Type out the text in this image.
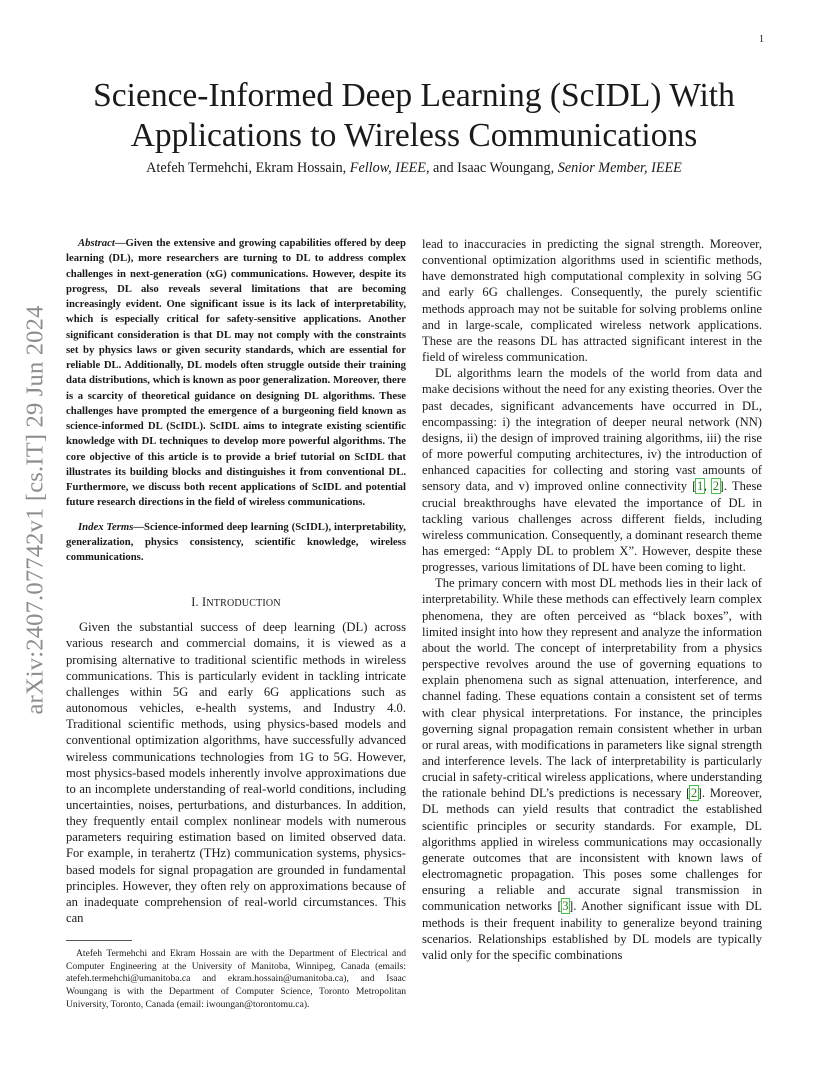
1
arXiv:2407.07742v1 [cs.IT] 29 Jun 2024
Science-Informed Deep Learning (ScIDL) With
Applications to Wireless Communications
Atefeh Termehchi, Ekram Hossain, Fellow, IEEE, and Isaac Woungang, Senior Member, IEEE

Abstract—Given the extensive and growing capabilities offered by deep learning (DL), more researchers are turning to DL to address complex challenges in next-generation (xG) communications. However, despite its progress, DL also reveals several limitations that are becoming increasingly evident. One significant issue is its lack of interpretability, which is especially critical for safety-sensitive applications. Another significant consideration is that DL may not comply with the constraints set by physics laws or given security standards, which are essential for reliable DL. Additionally, DL models often struggle outside their training data distributions, which is known as poor generalization. Moreover, there is a scarcity of theoretical guidance on designing DL algorithms. These challenges have prompted the emergence of a burgeoning field known as science-informed DL (ScIDL). ScIDL aims to integrate existing scientific knowledge with DL techniques to develop more powerful algorithms. The core objective of this article is to provide a brief tutorial on ScIDL that illustrates its building blocks and distinguishes it from conventional DL. Furthermore, we discuss both recent applications of ScIDL and potential future research directions in the field of wireless communications.

Index Terms—Science-informed deep learning (ScIDL), interpretability, generalization, physics consistency, scientific knowledge, wireless communications.

I. INTRODUCTION

Given the substantial success of deep learning (DL) across various research and commercial domains, it is viewed as a promising alternative to traditional scientific methods in wireless communications. This is particularly evident in tackling intricate challenges within 5G and early 6G applications such as autonomous vehicles, e-health systems, and Industry 4.0. Traditional scientific methods, using physics-based models and conventional optimization algorithms, have successfully advanced wireless communications technologies from 1G to 5G. However, most physics-based models inherently involve approximations due to an incomplete understanding of real-world conditions, including uncertainties, noises, perturbations, and disturbances. In addition, they frequently entail complex nonlinear models with numerous parameters requiring estimation based on limited observed data. For example, in terahertz (THz) communication systems, physics-based models for signal propagation are grounded in fundamental principles. However, they often rely on approximations because of an inadequate comprehension of real-world circumstances. This can

Atefeh Termehchi and Ekram Hossain are with the Department of Electrical and Computer Engineering at the University of Manitoba, Winnipeg, Canada (emails: atefeh.termehchi@umanitoba.ca and ekram.hossain@umanitoba.ca), and Isaac Woungang is with the Department of Computer Science, Toronto Metropolitan University, Toronto, Canada (email: iwoungan@torontomu.ca).

lead to inaccuracies in predicting the signal strength. Moreover, conventional optimization algorithms used in scientific methods, have demonstrated high computational complexity in solving 5G and early 6G challenges. Consequently, the purely scientific methods approach may not be suitable for solving problems online and in large-scale, complicated wireless network applications. These are the reasons DL has attracted significant interest in the field of wireless communication.

DL algorithms learn the models of the world from data and make decisions without the need for any existing theories. Over the past decades, significant advancements have occurred in DL, encompassing: i) the integration of deeper neural network (NN) designs, ii) the design of improved training algorithms, iii) the rise of more powerful computing architectures, iv) the introduction of enhanced capacities for collecting and storing vast amounts of sensory data, and v) improved online connectivity [1, 2]. These crucial breakthroughs have elevated the importance of DL in tackling various challenges across different fields, including wireless communication. Consequently, a dominant research theme has emerged: “Apply DL to problem X”. However, despite these progresses, various limitations of DL have been coming to light.

The primary concern with most DL methods lies in their lack of interpretability. While these methods can effectively learn complex phenomena, they are often perceived as “black boxes”, with limited insight into how they represent and analyze the information about the world. The concept of interpretability from a physics perspective revolves around the use of governing equations to explain phenomena such as signal attenuation, interference, and channel fading. These equations contain a consistent set of terms with clear physical interpretations. For instance, the principles governing signal propagation remain consistent whether in urban or rural areas, with modifications in parameters like signal strength and interference levels. The lack of interpretability is particularly crucial in safety-critical wireless applications, where understanding the rationale behind DL’s predictions is necessary [2]. Moreover, DL methods can yield results that contradict the established scientific principles or security standards. For example, DL algorithms applied in wireless communications may occasionally generate outcomes that are inconsistent with known laws of electromagnetic propagation. This poses some challenges for ensuring a reliable and accurate signal transmission in communication networks [3]. Another significant issue with DL methods is their frequent inability to generalize beyond training scenarios. Relationships established by DL models are typically valid only for the specific combinations
